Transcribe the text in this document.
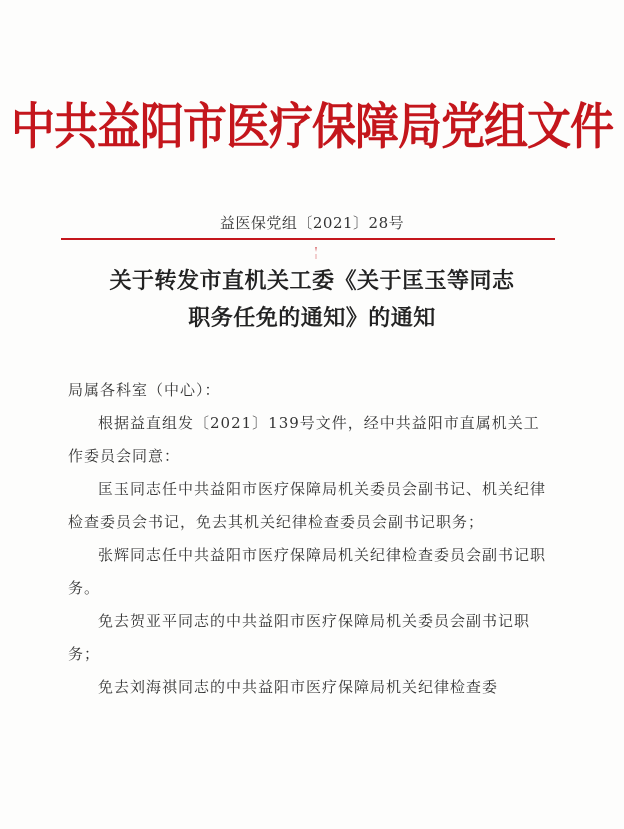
中共益阳市医疗保障局党组文件
益医保党组〔2021〕28号
关于转发市直机关工委《关于匡玉等同志
职务任免的通知》的通知

局属各科室（中心）：

根据益直组发〔2021〕139号文件，经中共益阳市直属机关工作委员会同意：

匡玉同志任中共益阳市医疗保障局机关委员会副书记、机关纪律检查委员会书记，免去其机关纪律检查委员会副书记职务；

张辉同志任中共益阳市医疗保障局机关纪律检查委员会副书记职务。

免去贺亚平同志的中共益阳市医疗保障局机关委员会副书记职务；

免去刘海祺同志的中共益阳市医疗保障局机关纪律检查委
